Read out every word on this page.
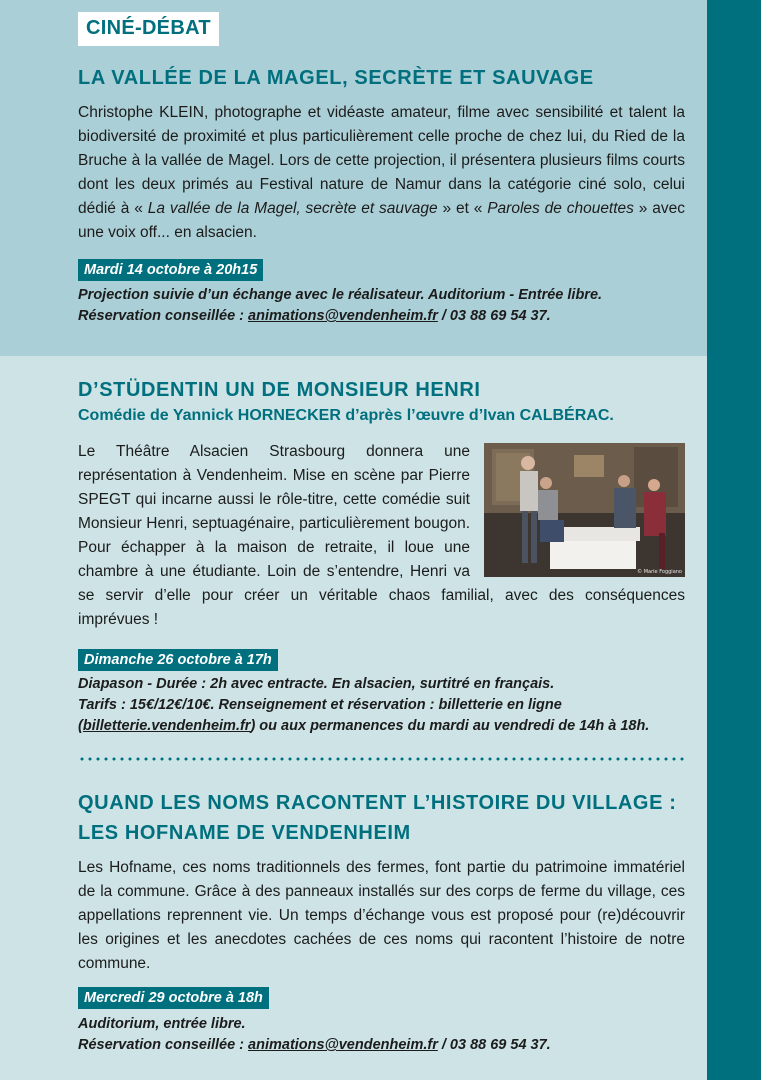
CINÉ-DÉBAT
LA VALLÉE DE LA MAGEL, SECRÈTE ET SAUVAGE

Christophe KLEIN, photographe et vidéaste amateur, filme avec sensibilité et talent la biodiversité de proximité et plus particulièrement celle proche de chez lui, du Ried de la Bruche à la vallée de Magel. Lors de cette projection, il présentera plusieurs films courts dont les deux primés au Festival nature de Namur dans la catégorie ciné solo, celui dédié à « La vallée de la Magel, secrète et sauvage » et « Paroles de chouettes » avec une voix off... en alsacien.

Mardi 14 octobre à 20h15
Projection suivie d’un échange avec le réalisateur. Auditorium - Entrée libre.
Réservation conseillée : animations@vendenheim.fr / 03 88 69 54 37.
D’STÜDENTIN UN DE MONSIEUR HENRI
Comédie de Yannick HORNECKER d’après l’œuvre d’Ivan CALBÉRAC.
© Marie Foggiano

Le Théâtre Alsacien Strasbourg donnera une représentation à Vendenheim. Mise en scène par Pierre SPEGT qui incarne aussi le rôle-titre, cette comédie suit Monsieur Henri, septuagénaire, particulièrement bougon. Pour échapper à la maison de retraite, il loue une chambre à une étudiante. Loin de s’entendre, Henri va se servir d’elle pour créer un véritable chaos familial, avec des conséquences imprévues !

Dimanche 26 octobre à 17h
Diapason - Durée : 2h avec entracte. En alsacien, surtitré en français.
Tarifs : 15€/12€/10€. Renseignement et réservation : billetterie en ligne (billetterie.vendenheim.fr) ou aux permanences du mardi au vendredi de 14h à 18h.
QUAND LES NOMS RACONTENT L’HISTOIRE DU VILLAGE :
LES HOFNAME DE VENDENHEIM

Les Hofname, ces noms traditionnels des fermes, font partie du patrimoine immatériel de la commune. Grâce à des panneaux installés sur des corps de ferme du village, ces appellations reprennent vie. Un temps d’échange vous est proposé pour (re)découvrir les origines et les anecdotes cachées de ces noms qui racontent l’histoire de notre commune.

Mercredi 29 octobre à 18h
Auditorium, entrée libre.
Réservation conseillée : animations@vendenheim.fr / 03 88 69 54 37.
